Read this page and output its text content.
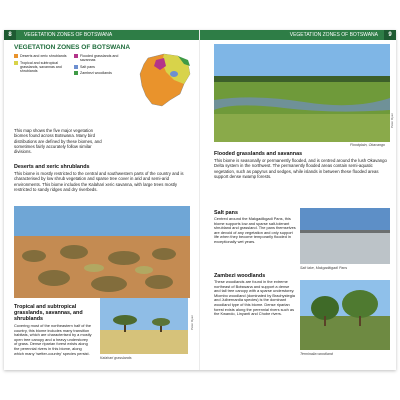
8	VEGETATION ZONES OF BOTSWANA
VEGETATION ZONES OF BOTSWANA
Deserts and xeric shrublands
Tropical and subtropical grasslands, savannas and shrublands
Flooded grasslands and savannas
Salt pans
Zambezi woodlands
This map shows the five major vegetation biomes found across Botswana. Many bird distributions are defined by these biomes, and sometimes fairly accurately follow similar divisions.
Deserts and xeric shrublands
This biome is mostly restricted to the central and southwestern parts of the country and is characterised by low shrub vegetation and sparse tree cover in arid and semi-arid environments. This biome includes the Kalahari xeric savanna, with large trees mostly restricted to sandy ridges and dry riverbeds.
Tropical and subtropical grasslands, savannas, and shrublands
Covering most of the northeastern half of the country, this biome includes many transition habitats, which are characterised by a mostly open tree canopy and a heavy understorey of grass. Dense riparian forest exists along the perennial rivers in this biome, along which many 'wetter-country' species persist.
Kalahari grasslands
Peter Ryan
VEGETATION ZONES OF BOTSWANA	9
Floodplain, Okavango
Peter Ryan
Flooded grasslands and savannas
This biome is seasonally or permanently flooded, and is centred around the lush Okavango Delta system in the northwest. The permanently flooded areas contain semi-aquatic vegetation, such as papyrus and sedges, while islands in between these flooded areas support dense swamp forests.
Salt pans
Centred around the Makgadikgadi Pans, this biome supports low and sparse salt-tolerant shrubland and grassland. The pans themselves are devoid of any vegetation and only support life when they become temporarily flooded in exceptionally wet years.
Salt lake, Makgadikgadi Pans
Zambezi woodlands
These woodlands are found in the extreme northeast of Botswana and support a dense and tall tree canopy with a sparse understorey. Miombo woodland (dominated by Brachystegia and Julbernardia species) is the dominant woodland type of this biome. Dense riparian forest exists along the perennial rivers such as the Kwando, Linyanti and Chobe rivers.
Terminalia woodland
